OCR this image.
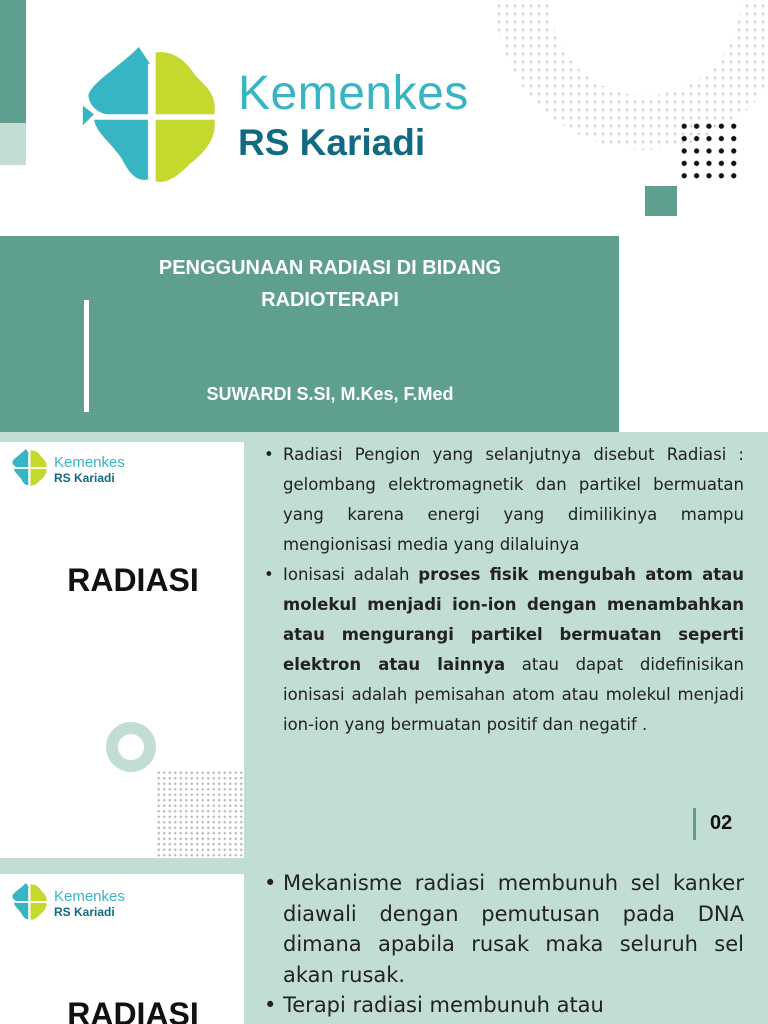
Kemenkes
RS Kariadi
PENGGUNAAN RADIASI DI BIDANG RADIOTERAPI
SUWARDI S.SI, M.Kes, F.Med
Kemenkes
RS Kariadi
RADIASI
• Radiasi Pengion yang selanjutnya disebut Radiasi : gelombang elektromagnetik dan partikel bermuatan yang karena energi yang dimilikinya mampu mengionisasi media yang dilaluinya
• Ionisasi adalah proses fisik mengubah atom atau molekul menjadi ion-ion dengan menambahkan atau mengurangi partikel bermuatan seperti elektron atau lainnya atau dapat didefinisikan ionisasi adalah pemisahan atom atau molekul menjadi ion-ion yang bermuatan positif dan negatif .
02
Kemenkes
RS Kariadi
RADIASI
• Mekanisme radiasi membunuh sel kanker diawali dengan pemutusan pada DNA dimana apabila rusak maka seluruh sel akan rusak.
• Terapi radiasi membunuh atau
